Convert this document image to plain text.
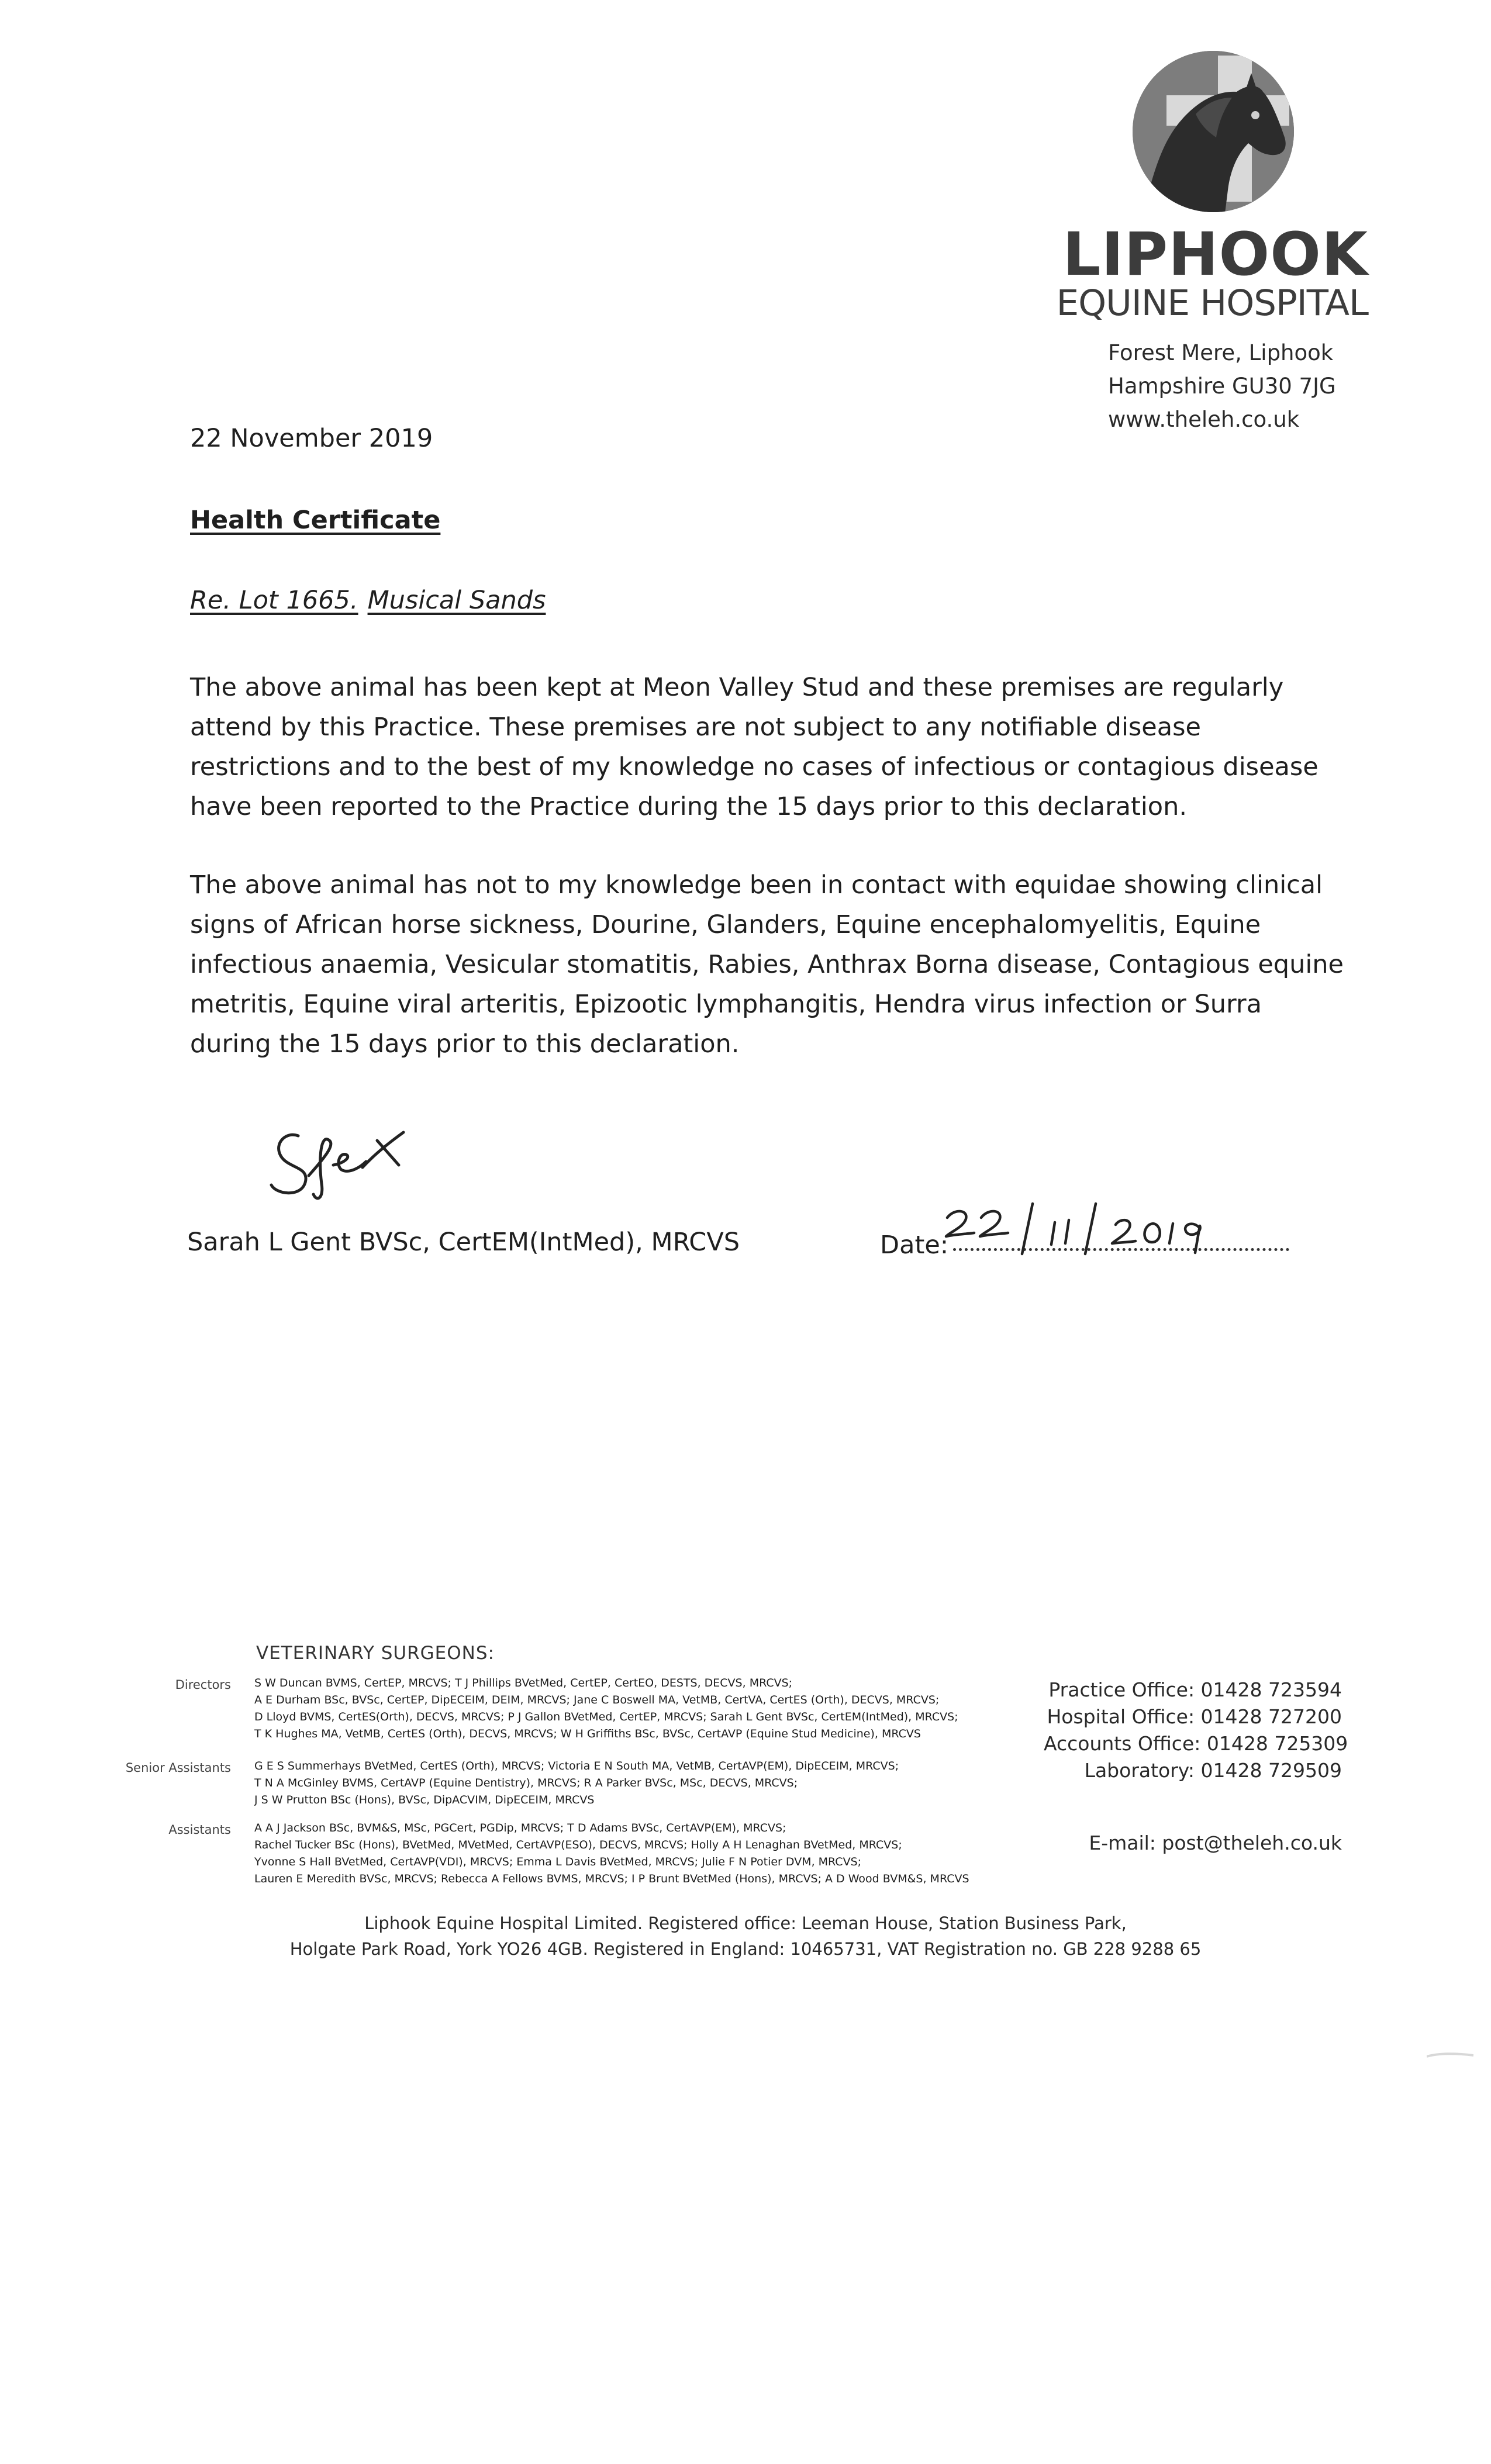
LIPHOOK
EQUINE HOSPITAL
Forest Mere, Liphook
Hampshire GU30 7JG
www.theleh.co.uk
22 November 2019
Health Certificate
Re. Lot 1665. Musical Sands
The above animal has been kept at Meon Valley Stud and these premises are regularly attend by this Practice. These premises are not subject to any notifiable disease restrictions and to the best of my knowledge no cases of infectious or contagious disease have been reported to the Practice during the 15 days prior to this declaration.
The above animal has not to my knowledge been in contact with equidae showing clinical signs of African horse sickness, Dourine, Glanders, Equine encephalomyelitis, Equine infectious anaemia, Vesicular stomatitis, Rabies, Anthrax Borna disease, Contagious equine metritis, Equine viral arteritis, Epizootic lymphangitis, Hendra virus infection or Surra during the 15 days prior to this declaration.
Sarah L Gent BVSc, CertEM(IntMed), MRCVS	Date:
VETERINARY SURGEONS:
Directors S W Duncan BVMS, CertEP, MRCVS; T J Phillips BVetMed, CertEP, CertEO, DESTS, DECVS, MRCVS;
A E Durham BSc, BVSc, CertEP, DipECEIM, DEIM, MRCVS; Jane C Boswell MA, VetMB, CertVA, CertES (Orth), DECVS, MRCVS;
D Lloyd BVMS, CertES(Orth), DECVS, MRCVS; P J Gallon BVetMed, CertEP, MRCVS; Sarah L Gent BVSc, CertEM(IntMed), MRCVS;
T K Hughes MA, VetMB, CertES (Orth), DECVS, MRCVS; W H Griffiths BSc, BVSc, CertAVP (Equine Stud Medicine), MRCVS
Senior Assistants G E S Summerhays BVetMed, CertES (Orth), MRCVS; Victoria E N South MA, VetMB, CertAVP(EM), DipECEIM, MRCVS;
T N A McGinley BVMS, CertAVP (Equine Dentistry), MRCVS; R A Parker BVSc, MSc, DECVS, MRCVS;
J S W Prutton BSc (Hons), BVSc, DipACVIM, DipECEIM, MRCVS
Assistants A A J Jackson BSc, BVM&S, MSc, PGCert, PGDip, MRCVS; T D Adams BVSc, CertAVP(EM), MRCVS;
Rachel Tucker BSc (Hons), BVetMed, MVetMed, CertAVP(ESO), DECVS, MRCVS; Holly A H Lenaghan BVetMed, MRCVS;
Yvonne S Hall BVetMed, CertAVP(VDI), MRCVS; Emma L Davis BVetMed, MRCVS; Julie F N Potier DVM, MRCVS;
Lauren E Meredith BVSc, MRCVS; Rebecca A Fellows BVMS, MRCVS; I P Brunt BVetMed (Hons), MRCVS; A D Wood BVM&S, MRCVS
Practice Office: 01428 723594
Hospital Office: 01428 727200
Accounts Office: 01428 725309
Laboratory: 01428 729509
E-mail: post@theleh.co.uk
Liphook Equine Hospital Limited. Registered office: Leeman House, Station Business Park,
Holgate Park Road, York YO26 4GB. Registered in England: 10465731, VAT Registration no. GB 228 9288 65
